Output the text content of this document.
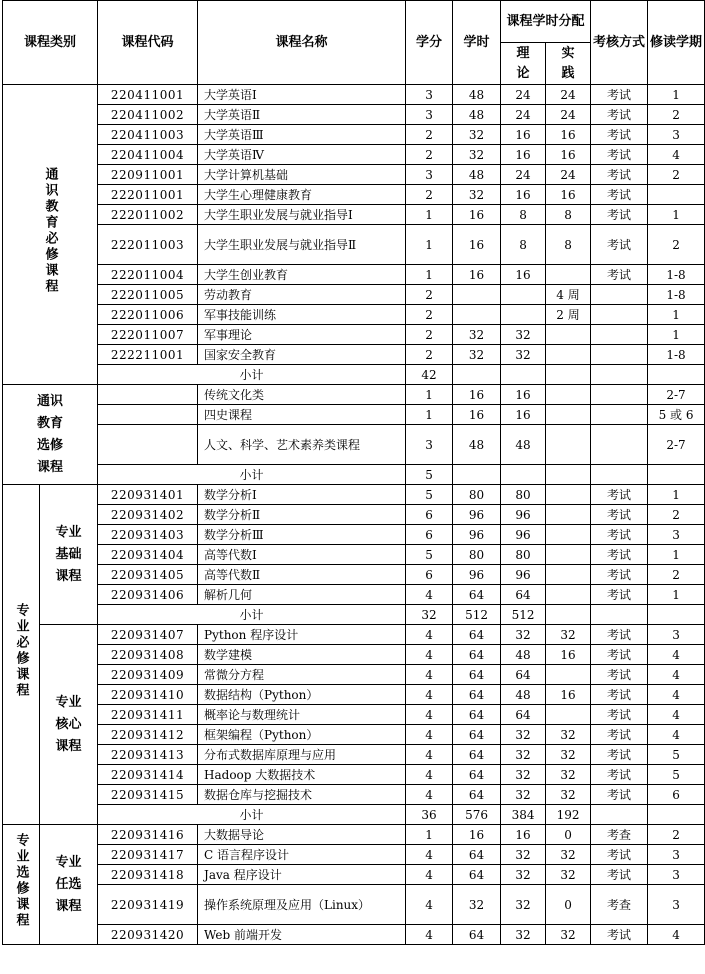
课程类别		课程代码	课程名称	学分	学时	课程学时分配		考核方式	修读学期
						理论	实践		
通识教育必修课程		220411001	大学英语Ⅰ	3	48	24	24	考试	1
		220411002	大学英语Ⅱ	3	48	24	24	考试	2
		220411003	大学英语Ⅲ	2	32	16	16	考试	3
		220411004	大学英语Ⅳ	2	32	16	16	考试	4
		220911001	大学计算机基础	3	48	24	24	考试	2
		222011001	大学生心理健康教育	2	32	16	16	考试	
		222011002	大学生职业发展与就业指导Ⅰ	1	16	8	8	考试	1
		222011003	大学生职业发展与就业指导Ⅱ	1	16	8	8	考试	2
		222011004	大学生创业教育	1	16	16		考试	1-8
		222011005	劳动教育	2			4 周		1-8
		222011006	军事技能训练	2			2 周		1
		222011007	军事理论	2	32	32			1
		222211001	国家安全教育	2	32	32			1-8
		小计		42					
通识教育选修课程			传统文化类	1	16	16			2-7
			四史课程	1	16	16			5 或 6
			人文、科学、艺术素养类课程	3	48	48			2-7
		小计		5					
专业必修课程	专业基础课程	220931401	数学分析Ⅰ	5	80	80		考试	1
		220931402	数学分析Ⅱ	6	96	96		考试	2
		220931403	数学分析Ⅲ	6	96	96		考试	3
		220931404	高等代数Ⅰ	5	80	80		考试	1
		220931405	高等代数Ⅱ	6	96	96		考试	2
		220931406	解析几何	4	64	64		考试	1
		小计		32	512	512			
	专业核心课程	220931407	Python 程序设计	4	64	32	32	考试	3
		220931408	数学建模	4	64	48	16	考试	4
		220931409	常微分方程	4	64	64		考试	4
		220931410	数据结构（Python）	4	64	48	16	考试	4
		220931411	概率论与数理统计	4	64	64		考试	4
		220931412	框架编程（Python）	4	64	32	32	考试	4
		220931413	分布式数据库原理与应用	4	64	32	32	考试	5
		220931414	Hadoop 大数据技术	4	64	32	32	考试	5
		220931415	数据仓库与挖掘技术	4	64	32	32	考试	6
		小计		36	576	384	192		
专业选修课程	专业任选课程	220931416	大数据导论	1	16	16	0	考查	2
		220931417	C 语言程序设计	4	64	32	32	考试	3
		220931418	Java 程序设计	4	64	32	32	考试	3
		220931419	操作系统原理及应用（Linux）	4	32	32	0	考查	3
		220931420	Web 前端开发	4	64	32	32	考试	4
